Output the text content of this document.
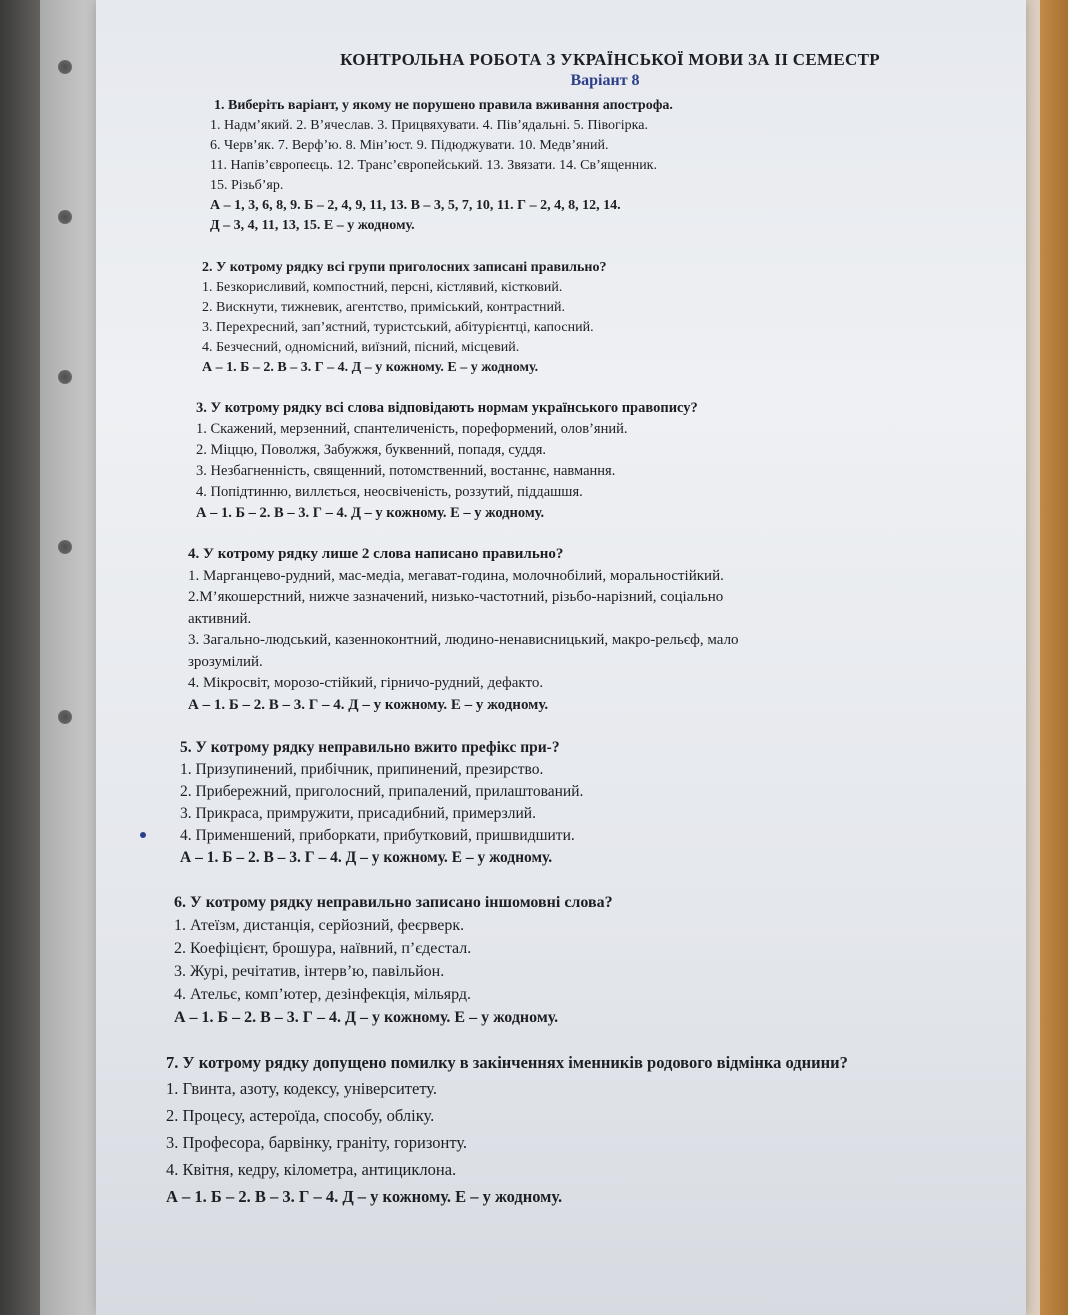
КОНТРОЛЬНА РОБОТА З УКРАЇНСЬКОЇ МОВИ ЗА ІІ СЕМЕСТР
Варіант 8
1. Виберіть варіант, у якому не порушено правила вживання апострофа.
1. Надм’який. 2. В’ячеслав. 3. Прицвяхувати. 4. Пів’ядальні. 5. Півогірка.
6. Черв’як. 7. Верф’ю. 8. Мін’юст. 9. Підюджувати. 10. Медв’яний.
11. Напів’європеєць. 12. Транс’європейський. 13. Звязати. 14. Св’ященник.
15. Різьб’яр.
А – 1, 3, 6, 8, 9. Б – 2, 4, 9, 11, 13. В – 3, 5, 7, 10, 11. Г – 2, 4, 8, 12, 14.
Д – 3, 4, 11, 13, 15. Е – у жодному.
2. У котрому рядку всі групи приголосних записані правильно?
1. Безкорисливий, компостний, персні, кістлявий, кістковий.
2. Вискнути, тижневик, агентство, приміський, контрастний.
3. Перехресний, зап’ястний, туристський, абітурієнтці, капосний.
4. Безчесний, одномісний, виїзний, пісний, місцевий.
А – 1. Б – 2. В – 3. Г – 4. Д – у кожному. Е – у жодному.
3. У котрому рядку всі слова відповідають нормам українського правопису?
1. Скажений, мерзенний, спантеличеність, пореформений, олов’яний.
2. Міццю, Поволжя, Забужжя, буквенний, попадя, суддя.
3. Незбагненність, священний, потомственний, востаннє, навмання.
4. Попідтинню, виллється, неосвіченість, роззутий, піддашшя.
А – 1. Б – 2. В – 3. Г – 4. Д – у кожному. Е – у жодному.
4. У котрому рядку лише 2 слова написано правильно?
1. Марганцево-рудний, мас-медіа, мегават-година, молочнобілий, моральностійкий.
2.М’якошерстний, нижче зазначений, низько-частотний, різьбо-нарізний, соціально
активний.
3. Загально-людський, казенноконтний, людино-ненависницький, макро-рельєф, мало
зрозумілий.
4. Мікросвіт, морозо-стійкий, гірничо-рудний, дефакто.
А – 1. Б – 2. В – 3. Г – 4. Д – у кожному. Е – у жодному.
5. У котрому рядку неправильно вжито префікс при-?
1. Призупинений, прибічник, припинений, презирство.
2. Прибережний, приголосний, припалений, прилаштований.
3. Прикраса, примружити, присадибний, примерзлий.
4. Применшений, приборкати, прибутковий, пришвидшити.
А – 1. Б – 2. В – 3. Г – 4. Д – у кожному. Е – у жодному.
6. У котрому рядку неправильно записано іншомовні слова?
1. Атеїзм, дистанція, серйозний, феєрверк.
2. Коефіцієнт, брошура, наївний, п’єдестал.
3. Журі, речітатив, інтерв’ю, павільйон.
4. Ательє, комп’ютер, дезінфекція, мільярд.
А – 1. Б – 2. В – 3. Г – 4. Д – у кожному. Е – у жодному.
7. У котрому рядку допущено помилку в закінченнях іменників родового відмінка однини?
1. Гвинта, азоту, кодексу, університету.
2. Процесу, астероїда, способу, обліку.
3. Професора, барвінку, граніту, горизонту.
4. Квітня, кедру, кілометра, антициклона.
А – 1. Б – 2. В – 3. Г – 4. Д – у кожному. Е – у жодному.
